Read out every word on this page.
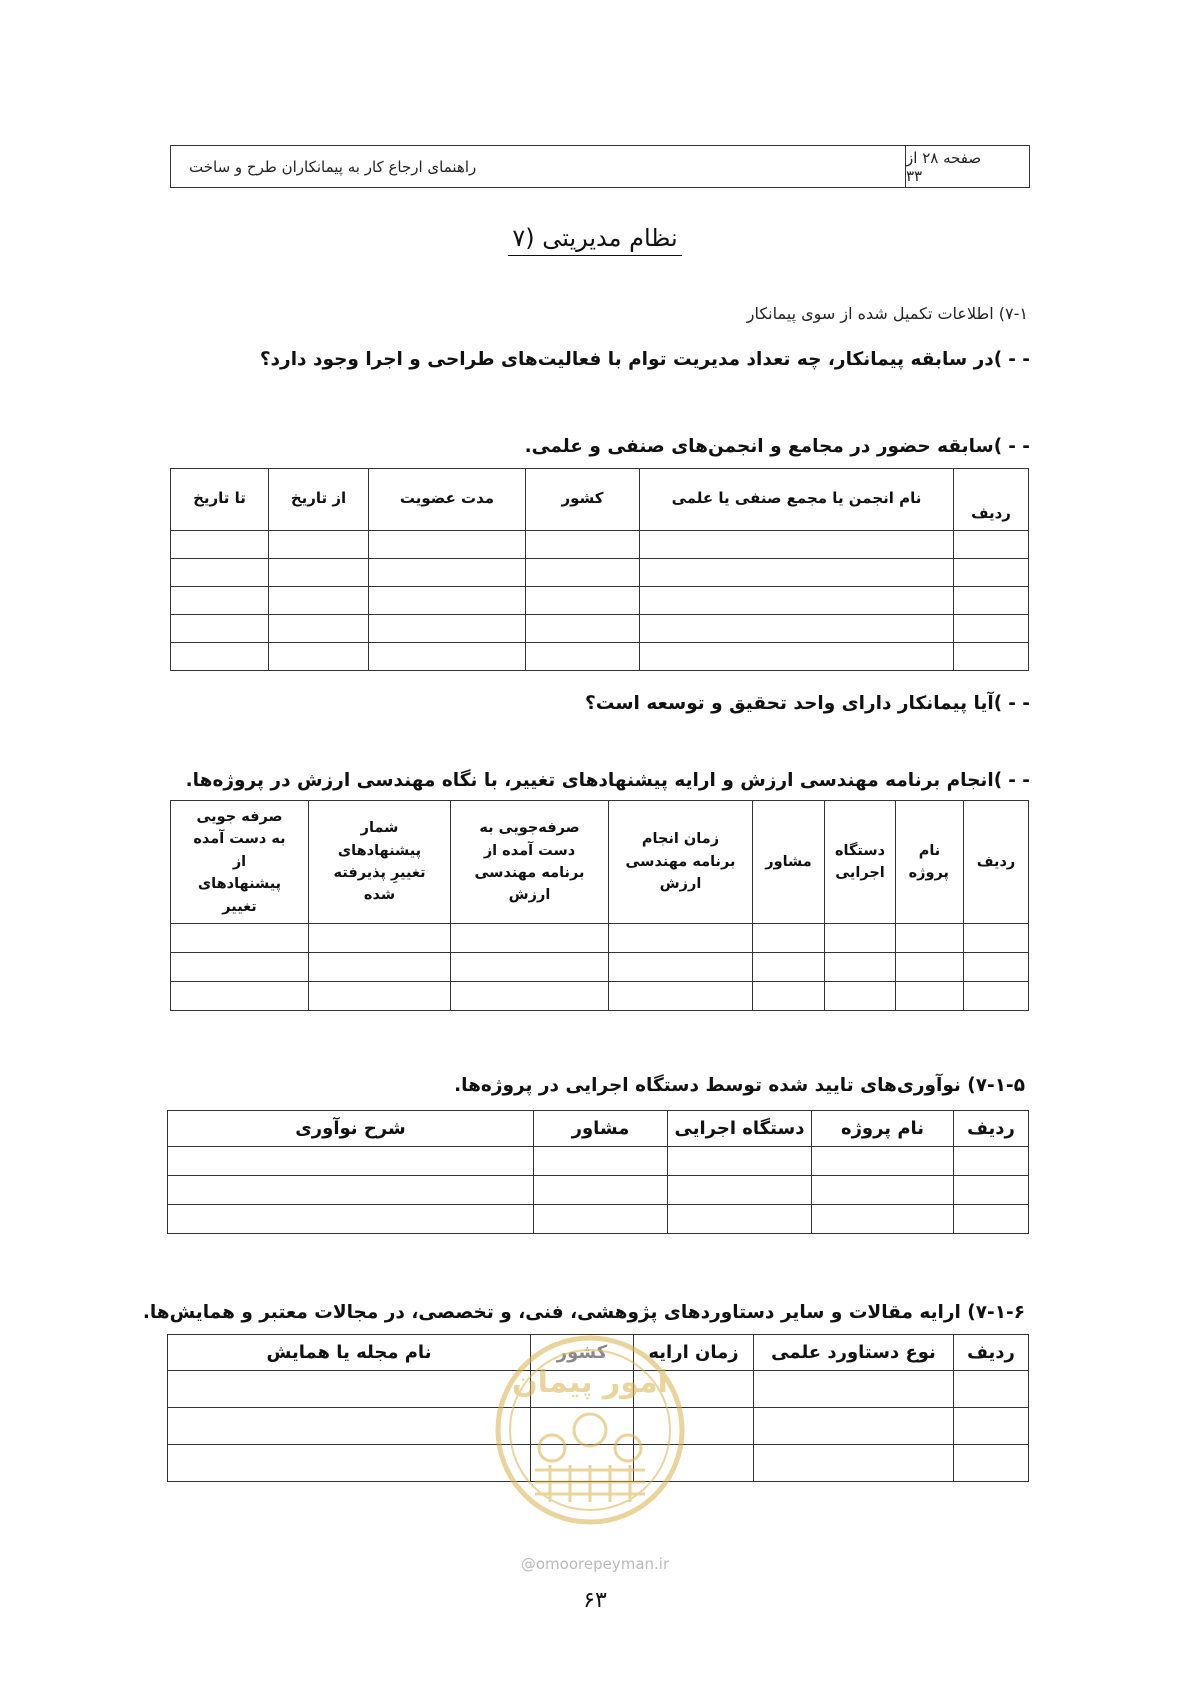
راهنمای ارجاع کار به پیمانکاران طرح و ساخت	صفحه ۲۸ از ۳۳
۷) نظام مدیریتی
۷-۱) اطلاعات تکمیل شده از سوی پیمانکار
- -)در سابقه پیمانکار، چه تعداد مدیریت توام با فعالیت‌های طراحی و اجرا وجود دارد؟
- -)سابقه حضور در مجامع و انجمن‌های صنفی و علمی.
ردیف	نام انجمن یا مجمع صنفی یا علمی	کشور	مدت عضویت	از تاریخ	تا تاریخ

- -)آیا پیمانکار دارای واحد تحقیق و توسعه است؟
- -)انجام برنامه مهندسی ارزش و ارایه پیشنهادهای تغییر، با نگاه مهندسی ارزش در پروژه‌ها.
ردیف	نام پروژه	دستگاه اجرایی	مشاور	زمان انجام برنامه مهندسی ارزش	صرفه‌جویی به دست آمده از برنامه مهندسی ارزش	شمار پیشنهادهای تغییرِ پذیرفته شده	صرفه جویی به دست آمده از پیشنهادهای تغییر

۷-۱-۵) نوآوری‌های تایید شده توسط دستگاه اجرایی در پروژه‌ها.
ردیف	نام پروژه	دستگاه اجرایی	مشاور	شرح نوآوری

۷-۱-۶) ارایه مقالات و سایر دستاوردهای پژوهشی، فنی، و تخصصی، در مجالات معتبر و همایش‌ها.
ردیف	نوع دستاورد علمی	زمان ارایه	کشور	نام مجله یا همایش

امور پیمان
@omoorepeyman.ir
۶۳
